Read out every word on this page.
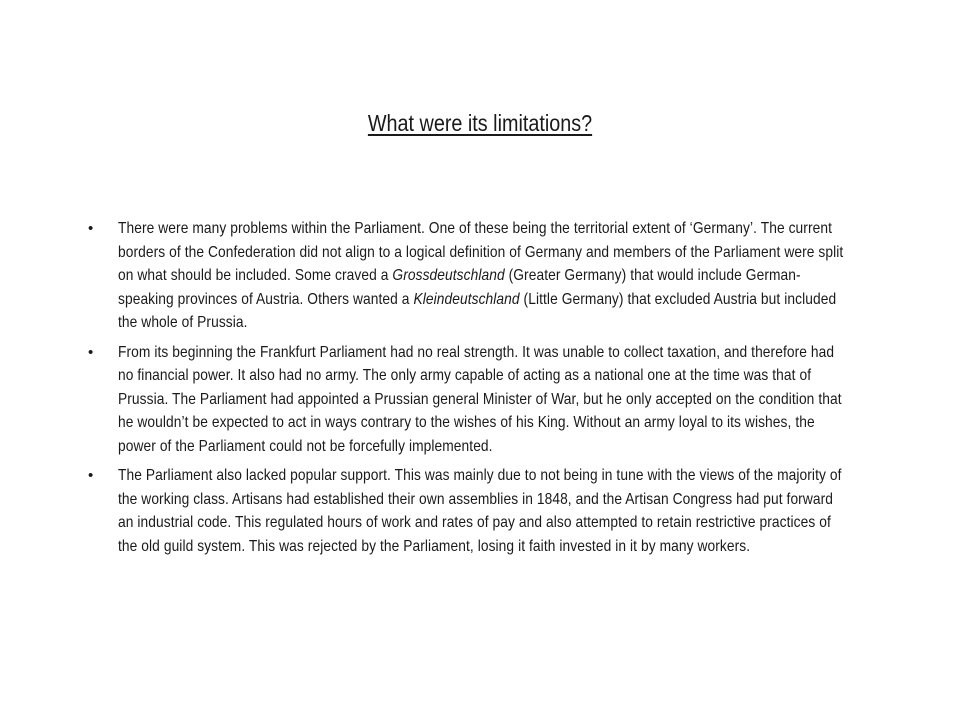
What were its limitations?
• There were many problems within the Parliament. One of these being the territorial extent of ‘Germany’. The current borders of the Confederation did not align to a logical definition of Germany and members of the Parliament were split on what should be included. Some craved a Grossdeutschland (Greater Germany) that would include German-speaking provinces of Austria. Others wanted a Kleindeutschland (Little Germany) that excluded Austria but included the whole of Prussia.
• From its beginning the Frankfurt Parliament had no real strength. It was unable to collect taxation, and therefore had no financial power. It also had no army. The only army capable of acting as a national one at the time was that of Prussia. The Parliament had appointed a Prussian general Minister of War, but he only accepted on the condition that he wouldn’t be expected to act in ways contrary to the wishes of his King. Without an army loyal to its wishes, the power of the Parliament could not be forcefully implemented.
• The Parliament also lacked popular support. This was mainly due to not being in tune with the views of the majority of the working class. Artisans had established their own assemblies in 1848, and the Artisan Congress had put forward an industrial code. This regulated hours of work and rates of pay and also attempted to retain restrictive practices of the old guild system. This was rejected by the Parliament, losing it faith invested in it by many workers.
